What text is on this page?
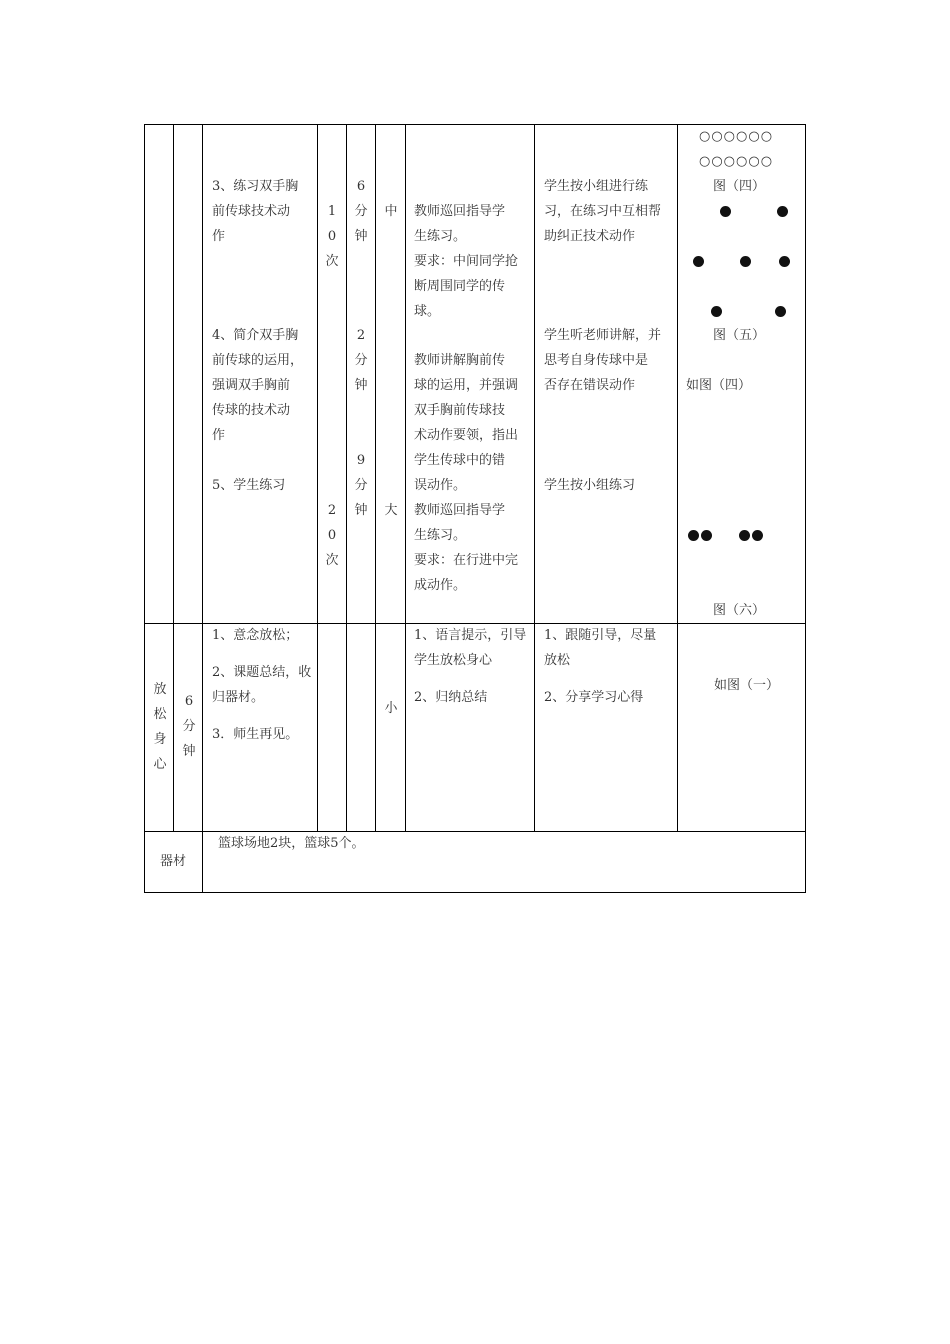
3、练习双手胸
前传球技术动
作
1
0
次
6
分
钟
中 教师巡回指导学
生练习。
要求：中间同学抢
断周围同学的传
球。
学生按小组进行练
习，在练习中互相帮
助纠正技术动作
4、简介双手胸
前传球的运用，
强调双手胸前
传球的技术动
作
2
分
钟
教师讲解胸前传
球的运用，并强调
双手胸前传球技
术动作要领，指出
学生传球中的错
误动作。
学生听老师讲解，并
思考自身传球中是
否存在错误动作
5、学生练习
2
0
次
9
分
钟 大 教师巡回指导学
生练习。
要求：在行进中完
成动作。
学生按小组练习
○○○○○○
○○○○○○
图（四）
图（五）
如图（四）
图（六）
放
松
身
心
6
分
钟
1、意念放松；
2、课题总结，收
归器材。
3．师生再见。
小
1、语言提示，引导
学生放松身心
2、归纳总结
1、跟随引导，尽量
放松
2、分享学习心得
如图（一）
器材
篮球场地2块，篮球5个。
